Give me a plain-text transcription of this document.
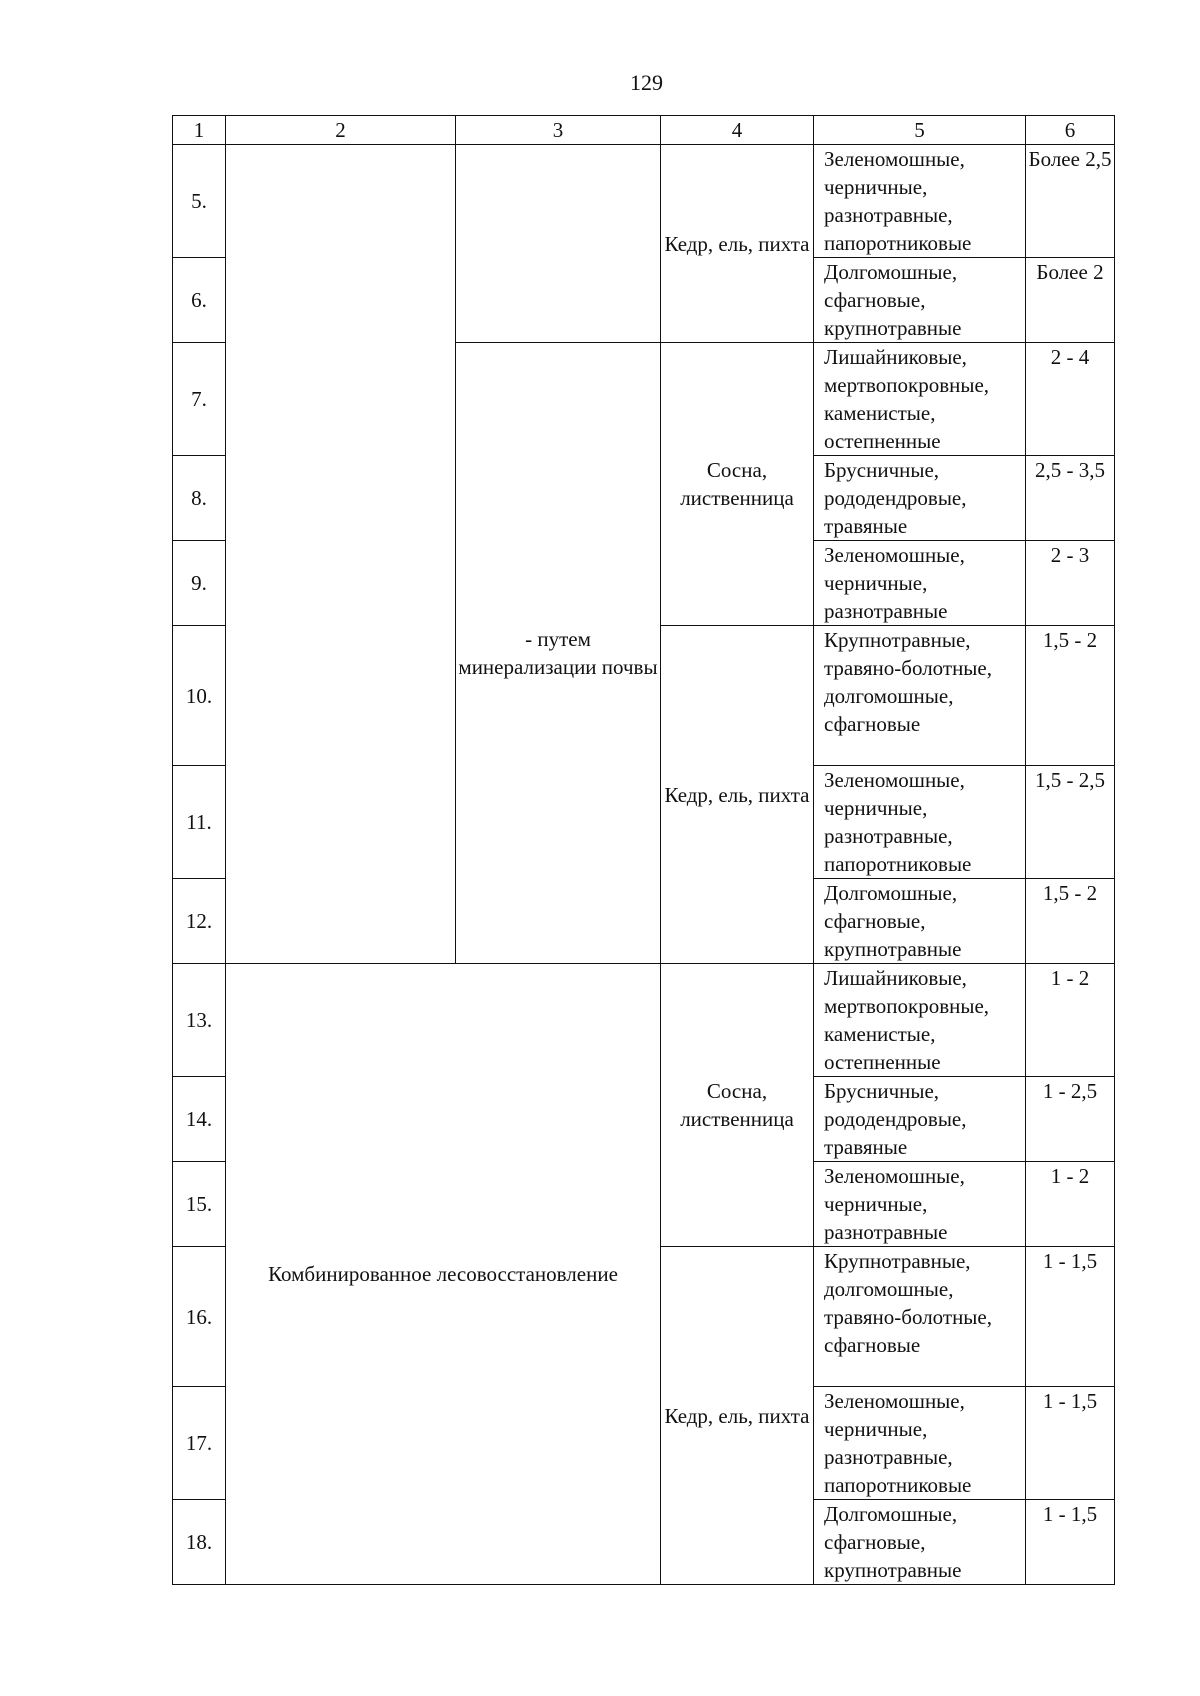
129
1	2	3	4	5	6
5.			Кедр, ель, пихта	Зеленомошные, черничные, разнотравные, папоротниковые	Более 2,5
6.				Долгомошные, сфагновые, крупнотравные	Более 2
7.		- путем минерализации почвы	Сосна, лиственница	Лишайниковые, мертвопокровные, каменистые, остепненные	2 - 4
8.				Брусничные, рододендровые, травяные	2,5 - 3,5
9.				Зеленомошные, черничные, разнотравные	2 - 3
10.			Кедр, ель, пихта	Крупнотравные, травяно-болотные, долгомошные, сфагновые	1,5 - 2
11.				Зеленомошные, черничные, разнотравные, папоротниковые	1,5 - 2,5
12.				Долгомошные, сфагновые, крупнотравные	1,5 - 2
13.	Комбинированное лесовосстановление		Сосна, лиственница	Лишайниковые, мертвопокровные, каменистые, остепненные	1 - 2
14.				Брусничные, рододендровые, травяные	1 - 2,5
15.				Зеленомошные, черничные, разнотравные	1 - 2
16.			Кедр, ель, пихта	Крупнотравные, долгомошные, травяно-болотные, сфагновые	1 - 1,5
17.				Зеленомошные, черничные, разнотравные, папоротниковые	1 - 1,5
18.				Долгомошные, сфагновые, крупнотравные	1 - 1,5
